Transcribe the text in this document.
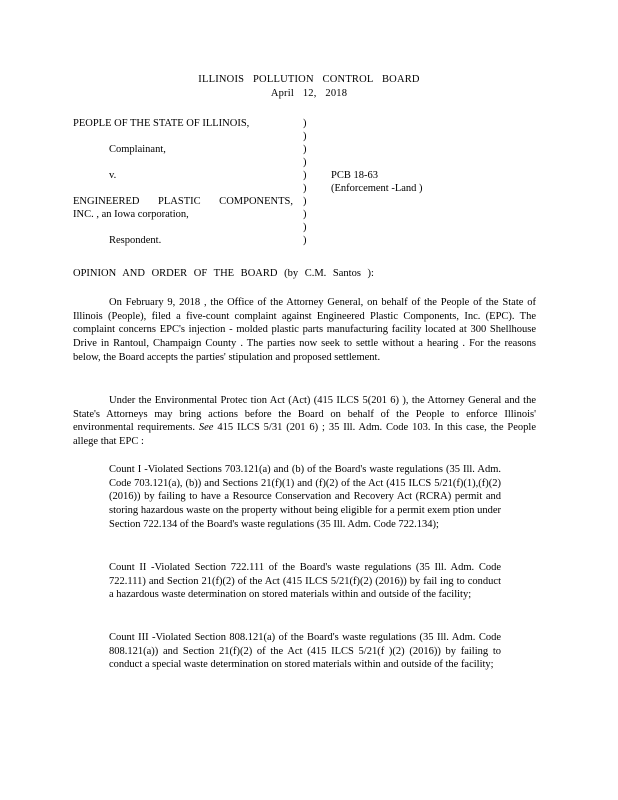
ILLINOIS POLLUTION CONTROL BOARD
April 12, 2018
PEOPLE OF THE STATE OF ILLINOIS,
Complainant,
v.
ENGINEERED PLASTIC COMPONENTS,
INC. , an Iowa corporation,
Respondent.
)
)
)
)
)
)
)
)
)
)
PCB 18-63
(Enforcement -Land )
OPINION AND ORDER OF THE BOARD (by C.M. Santos ):
On February 9, 2018 , the Office of the Attorney General, on behalf of the People of the State of Illinois (People), filed a five-count complaint against Engineered Plastic Components, Inc. (EPC). The complaint concerns EPC's injection - molded plastic parts manufacturing facility located at 300 Shellhouse Drive in Rantoul, Champaign County . The parties now seek to settle without a hearing . For the reasons below, the Board accepts the parties' stipulation and proposed settlement.
Under the Environmental Protec tion Act (Act) (415 ILCS 5(201 6) ), the Attorney General and the State's Attorneys may bring actions before the Board on behalf of the People to enforce Illinois' environmental requirements. See 415 ILCS 5/31 (201 6) ; 35 Ill. Adm. Code 103. In this case, the People allege that EPC :
Count I -Violated Sections 703.121(a) and (b) of the Board's waste regulations (35 Ill. Adm. Code 703.121(a), (b)) and Sections 21(f)(1) and (f)(2) of the Act (415 ILCS 5/21(f)(1),(f)(2) (2016)) by failing to have a Resource Conservation and Recovery Act (RCRA) permit and storing hazardous waste on the property without being eligible for a permit exem ption under Section 722.134 of the Board's waste regulations (35 Ill. Adm. Code 722.134);
Count II -Violated Section 722.111 of the Board's waste regulations (35 Ill. Adm. Code 722.111) and Section 21(f)(2) of the Act (415 ILCS 5/21(f)(2) (2016)) by fail ing to conduct a hazardous waste determination on stored materials within and outside of the facility;
Count III -Violated Section 808.121(a) of the Board's waste regulations (35 Ill. Adm. Code 808.121(a)) and Section 21(f)(2) of the Act (415 ILCS 5/21(f )(2) (2016)) by failing to conduct a special waste determination on stored materials within and outside of the facility;
